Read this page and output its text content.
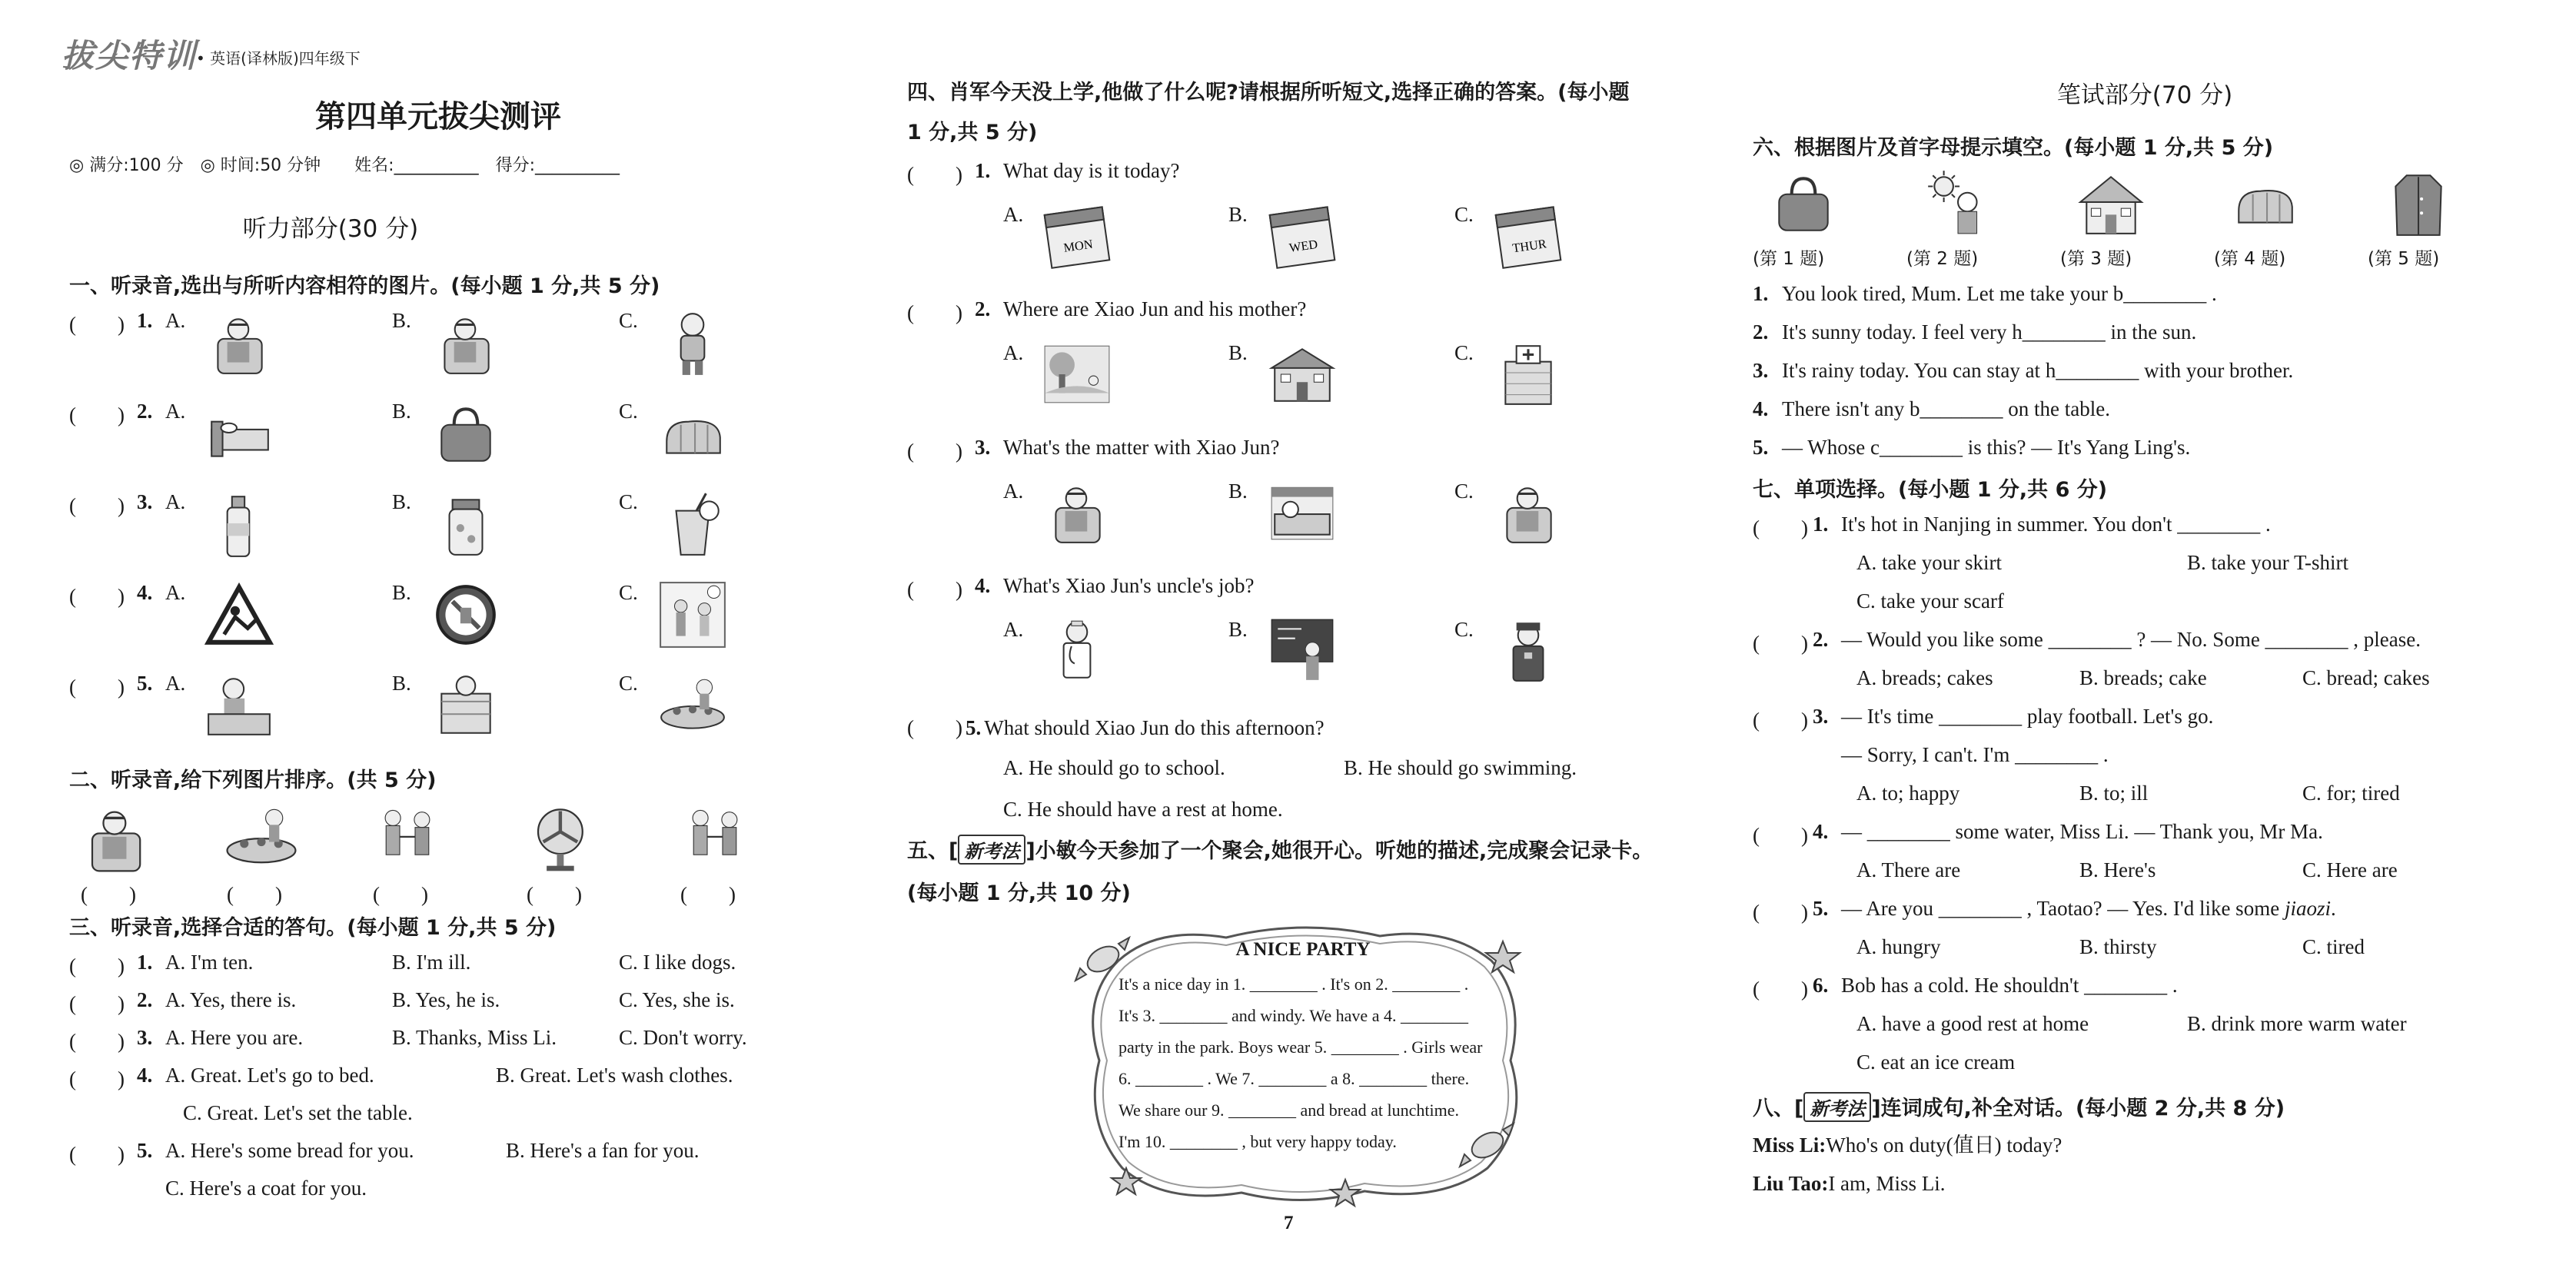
拔尖特训
• 英语(译林版)四年级下
第四单元拔尖测评
◎ 满分:100 分　◎ 时间:50 分钟　　姓名:__________　得分:__________
听力部分(30 分)
一、听录音,选出与所听内容相符的图片。(每小题 1 分,共 5 分)
(　　) 1. A.	B.	C.
(　　) 2. A.	B.	C.
(　　) 3. A.	B.	C.
(　　) 4. A.	B.	C.
(　　) 5. A.	B.	C.
二、听录音,给下列图片排序。(共 5 分)
(　　)	(　　)	(　　)	(　　)	(　　)
三、听录音,选择合适的答句。(每小题 1 分,共 5 分)
(　　) 1. A. I'm ten.	B. I'm ill.	C. I like dogs.
(　　) 2. A. Yes, there is.	B. Yes, he is.	C. Yes, she is.
(　　) 3. A. Here you are.	B. Thanks, Miss Li.	C. Don't worry.
(　　) 4. A. Great. Let's go to bed.	B. Great. Let's wash clothes.
C. Great. Let's set the table.
(　　) 5. A. Here's some bread for you.	B. Here's a fan for you.
C. Here's a coat for you.
四、肖军今天没上学,他做了什么呢?请根据所听短文,选择正确的答案。(每小题
1 分,共 5 分)
(　　) 1. What day is it today?
A.	B.	C.
MON	WED	THUR
(　　) 2. Where are Xiao Jun and his mother?
A.	B.	C.
(　　) 3. What's the matter with Xiao Jun?
A.	B.	C.
(　　) 4. What's Xiao Jun's uncle's job?
A.	B.	C.
(　　) 5. What should Xiao Jun do this afternoon?
A. He should go to school.	B. He should go swimming.
C. He should have a rest at home.
五、[ 新考法 ]小敏今天参加了一个聚会,她很开心。听她的描述,完成聚会记录卡。
(每小题 1 分,共 10 分)
A NICE PARTY
It's a nice day in 1. ________ . It's on 2. ________ .
It's 3. ________ and windy. We have a 4. ________
party in the park. Boys wear 5. ________ . Girls wear
6. ________ . We 7. ________ a 8. ________ there.
We share our 9. ________ and bread at lunchtime.
I'm 10. ________ , but very happy today.
7
笔试部分(70 分)
六、根据图片及首字母提示填空。(每小题 1 分,共 5 分)
(第 1 题)	(第 2 题)	(第 3 题)	(第 4 题)	(第 5 题)
1. You look tired, Mum. Let me take your b________ .
2. It's sunny today. I feel very h________ in the sun.
3. It's rainy today. You can stay at h________ with your brother.
4. There isn't any b________ on the table.
5. — Whose c________ is this? — It's Yang Ling's.
七、单项选择。(每小题 1 分,共 6 分)
(　　) 1. It's hot in Nanjing in summer. You don't ________ .
A. take your skirt	B. take your T-shirt
C. take your scarf
(　　) 2. — Would you like some ________ ? — No. Some ________ , please.
A. breads; cakes	B. breads; cake	C. bread; cakes
(　　) 3. — It's time ________ play football. Let's go.
— Sorry, I can't. I'm ________ .
A. to; happy	B. to; ill	C. for; tired
(　　) 4. — ________ some water, Miss Li. — Thank you, Mr Ma.
A. There are	B. Here's	C. Here are
(　　) 5. — Are you ________ , Taotao? — Yes. I'd like some jiaozi.
A. hungry	B. thirsty	C. tired
(　　) 6. Bob has a cold. He shouldn't ________ .
A. have a good rest at home	B. drink more warm water
C. eat an ice cream
八、[ 新考法 ]连词成句,补全对话。(每小题 2 分,共 8 分)
Miss Li:Who's on duty(值日) today?
Liu Tao:I am, Miss Li.
